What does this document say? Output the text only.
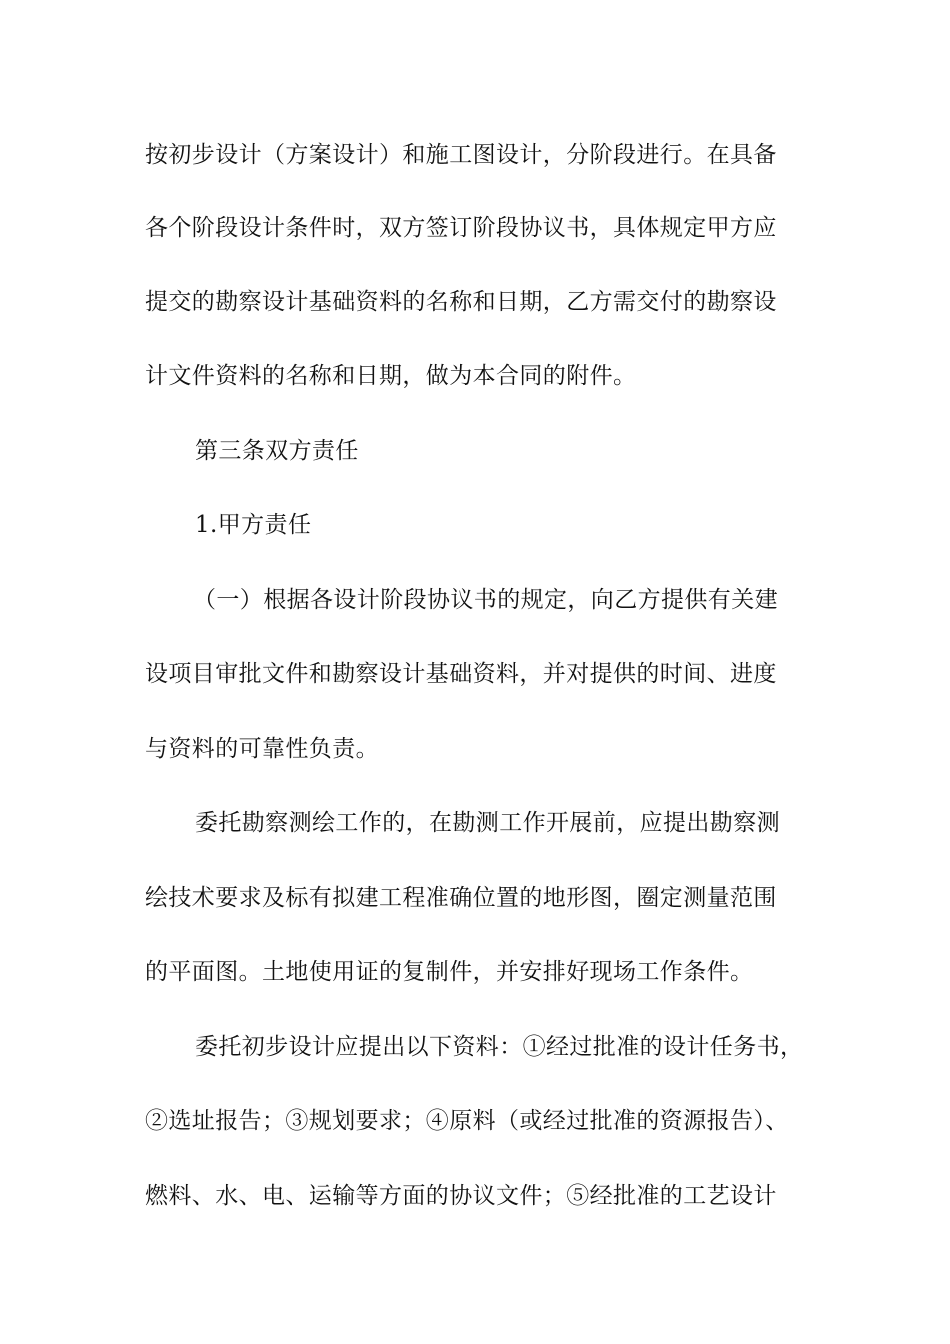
按初步设计（方案设计）和施工图设计，分阶段进行。在具备
各个阶段设计条件时，双方签订阶段协议书，具体规定甲方应
提交的勘察设计基础资料的名称和日期，乙方需交付的勘察设
计文件资料的名称和日期，做为本合同的附件。
第三条双方责任
1.甲方责任
（一）根据各设计阶段协议书的规定，向乙方提供有关建
设项目审批文件和勘察设计基础资料，并对提供的时间、进度
与资料的可靠性负责。
委托勘察测绘工作的，在勘测工作开展前，应提出勘察测
绘技术要求及标有拟建工程准确位置的地形图，圈定测量范围
的平面图。土地使用证的复制件，并安排好现场工作条件。
委托初步设计应提出以下资料：①经过批准的设计任务书，
②选址报告；③规划要求；④原料（或经过批准的资源报告）、
燃料、水、电、运输等方面的协议文件；⑤经批准的工艺设计
